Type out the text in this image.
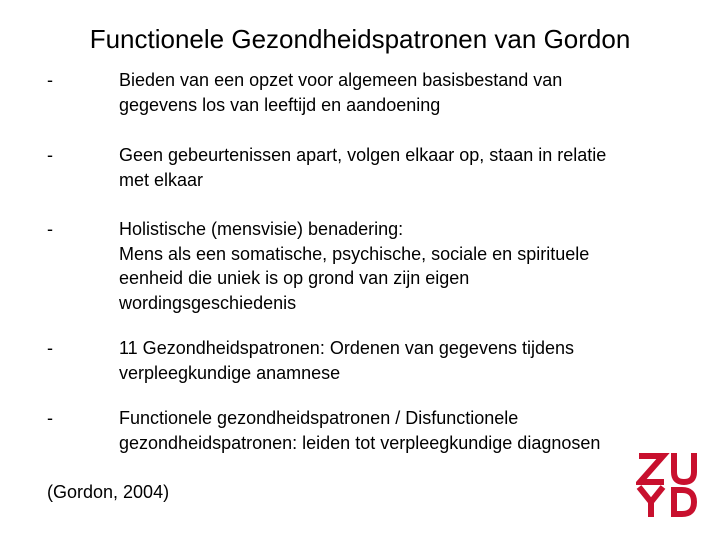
Functionele Gezondheidspatronen van Gordon
-	Bieden van een opzet voor algemeen basisbestand van
gegevens los van leeftijd en aandoening
-	Geen gebeurtenissen apart, volgen elkaar op, staan in relatie
met elkaar
-	Holistische (mensvisie) benadering:
Mens als een somatische, psychische, sociale en spirituele
eenheid die uniek is op grond van zijn eigen
wordingsgeschiedenis
-	11 Gezondheidspatronen: Ordenen van gegevens tijdens
verpleegkundige anamnese
-	Functionele gezondheidspatronen / Disfunctionele
gezondheidspatronen: leiden tot verpleegkundige diagnosen
(Gordon, 2004)
